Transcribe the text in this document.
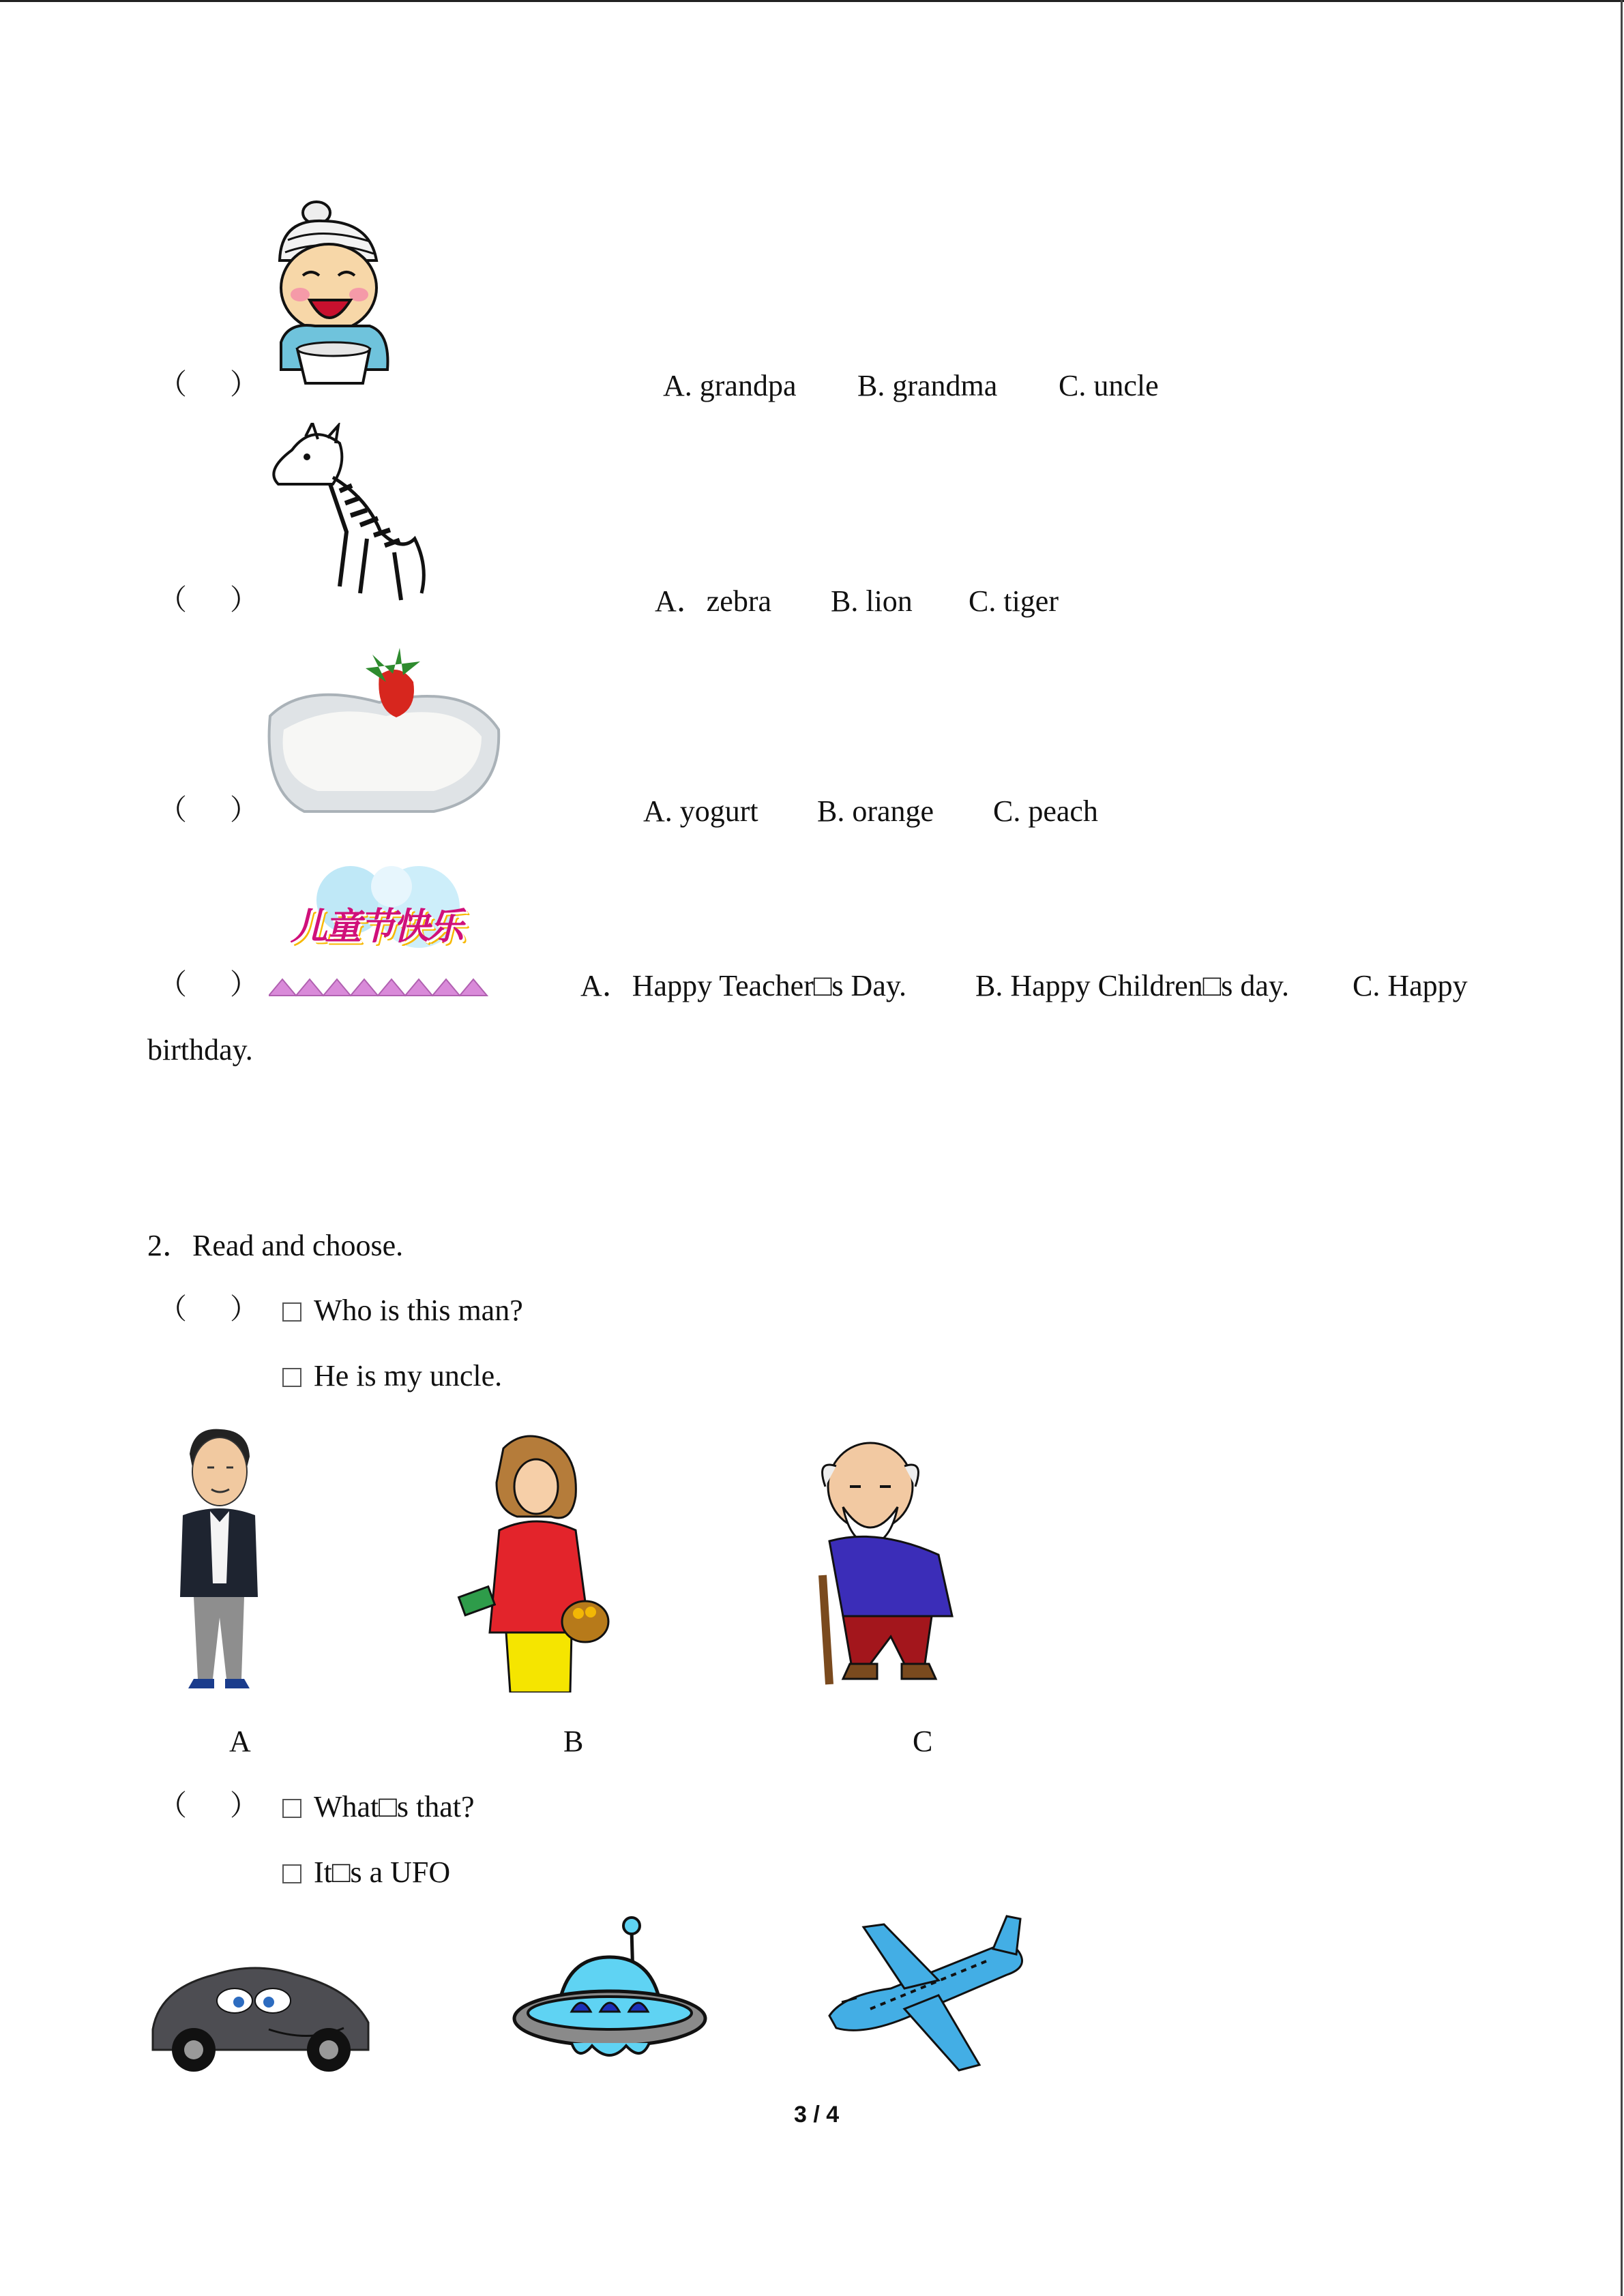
（      ）	A. grandpa B. grandma C. uncle
（      ）	A．zebra B. lion C. tiger
（      ）	A. yogurt B. orange C. peach
（      ）
儿童节快乐
A．Happy Teacher□s Day. B. Happy Children□s day. C. Happy
birthday.
2．Read and choose.
（      ）	Who is this man?
He is my uncle.
A	B	C
（      ）	What□s that?
It□s a UFO
3 / 4
